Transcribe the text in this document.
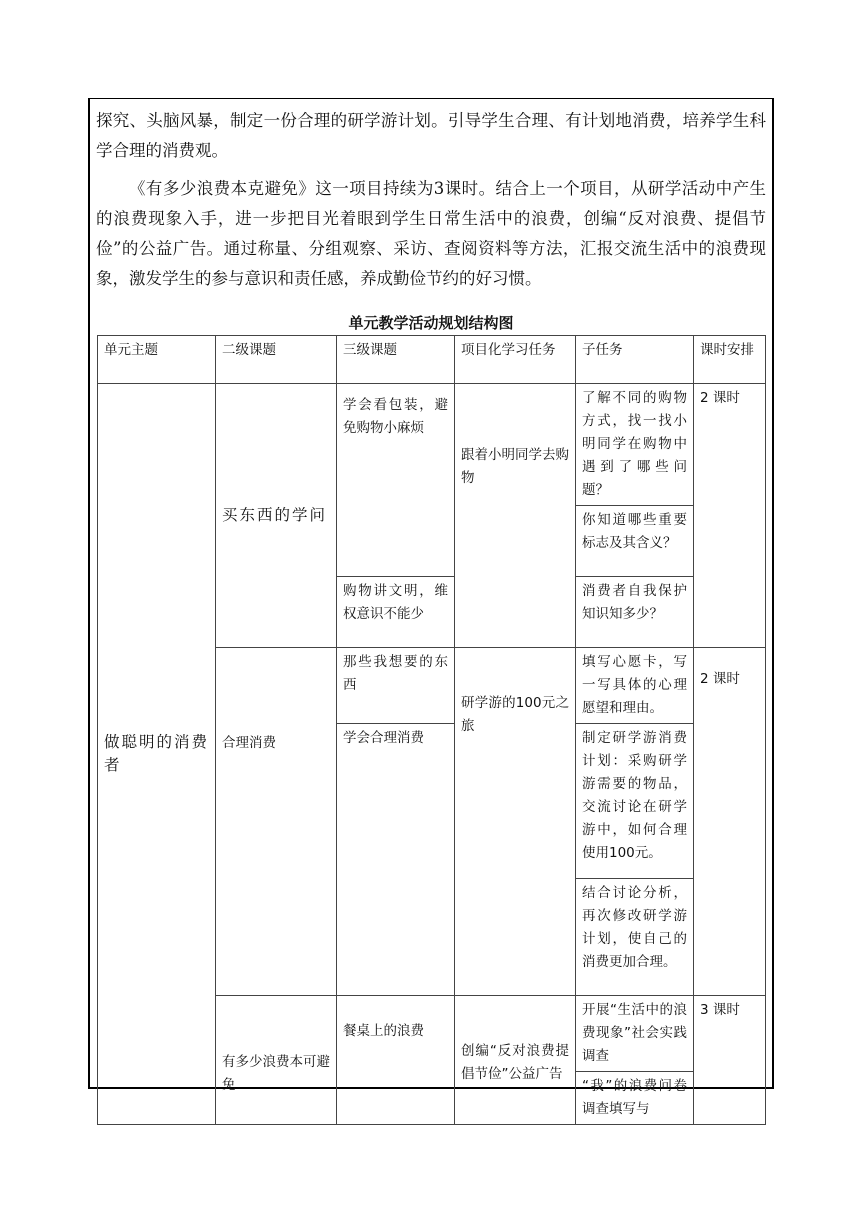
探究、头脑风暴，制定一份合理的研学游计划。引导学生合理、有计划地消费，培养学生科学合理的消费观。

《有多少浪费本克避免》这一项目持续为3课时。结合上一个项目，从研学活动中产生的浪费现象入手，进一步把目光着眼到学生日常生活中的浪费，创编“反对浪费、提倡节俭”的公益广告。通过称量、分组观察、采访、查阅资料等方法，汇报交流生活中的浪费现象，激发学生的参与意识和责任感，养成勤俭节约的好习惯。

单元教学活动规划结构图
单元主题	二级课题	三级课题	项目化学习任务	子任务	课时安排
做聪明的消费者	买东西的学问	学会看包装，避免购物小麻烦	跟着小明同学去购物	了解不同的购物方式，找一找小明同学在购物中遇到了哪些问题？	2 课时
				你知道哪些重要标志及其含义？	
		购物讲文明，维权意识不能少		消费者自我保护知识知多少？	
	合理消费	那些我想要的东西	研学游的100元之旅	填写心愿卡，写一写具体的心理愿望和理由。	2 课时
		学会合理消费		制定研学游消费计划：采购研学游需要的物品，交流讨论在研学游中，如何合理使用100元。	
				结合讨论分析，再次修改研学游计划，使自己的消费更加合理。	
	有多少浪费本可避免	餐桌上的浪费	创编“反对浪费提倡节俭”公益广告	开展“生活中的浪费现象”社会实践调查	3 课时
				“我”的浪费问卷调查填写与	
